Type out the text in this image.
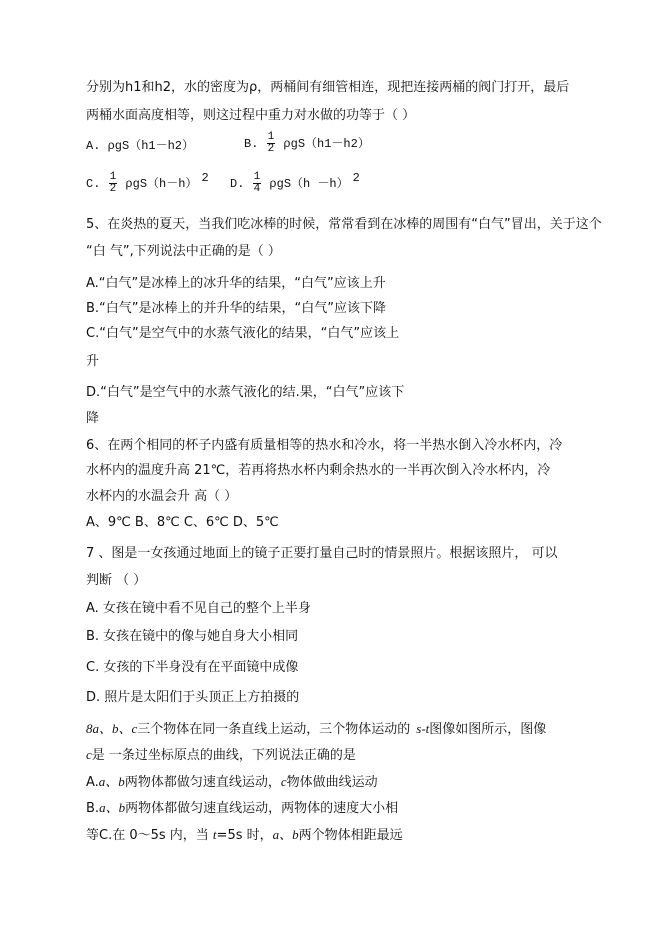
分别为h1和h2，水的密度为ρ，两桶间有细管相连，现把连接两桶的阀门打开，最后
两桶水面高度相等，则这过程中重力对水做的功等于（ ）
A. ρgS（h1－h2）	B. $\frac{1}{2} \rho gS(h1-h2)$
C. $\frac{1}{2} \rho gS(h-h)$ 2 D. $\frac{1}{4} \rho gS(h -h)$ 2
5、在炎热的夏天，当我们吃冰棒的时候，常常看到在冰棒的周围有“白气”冒出，关于这个
“白 气”,下列说法中正确的是（ ）
A.“白气”是冰棒上的冰升华的结果，“白气”应该上升
B.“白气”是冰棒上的并升华的结果，“白气”应该下降
C.“白气”是空气中的水蒸气液化的结果，“白气”应该上
升
D.“白气”是空气中的水蒸气液化的结.果，“白气”应该下
降
6、在两个相同的杯子内盛有质量相等的热水和冷水，将一半热水倒入冷水杯内，冷
水杯内的温度升高 21℃，若再将热水杯内剩余热水的一半再次倒入冷水杯内，冷
水杯内的水温会升 高（ ）
A、9℃ B、8℃ C、6℃ D、5℃
7 、图是一女孩通过地面上的镜子正要打量自己时的情景照片。根据该照片， 可以
判断 （ ）
A. 女孩在镜中看不见自己的整个上半身
B. 女孩在镜中的像与她自身大小相同
C. 女孩的下半身没有在平面镜中成像
D. 照片是太阳们于头顶正上方拍摄的
8a、b、c三个物体在同一条直线上运动，三个物体运动的 s-t图像如图所示，图像
c是 一条过坐标原点的曲线，下列说法正确的是
A.a、b两物体都做匀速直线运动，c物体做曲线运动
B.a、b两物体都做匀速直线运动，两物体的速度大小相
等C.在 0～5s 内，当 t=5s 时，a、b两个物体相距最远
